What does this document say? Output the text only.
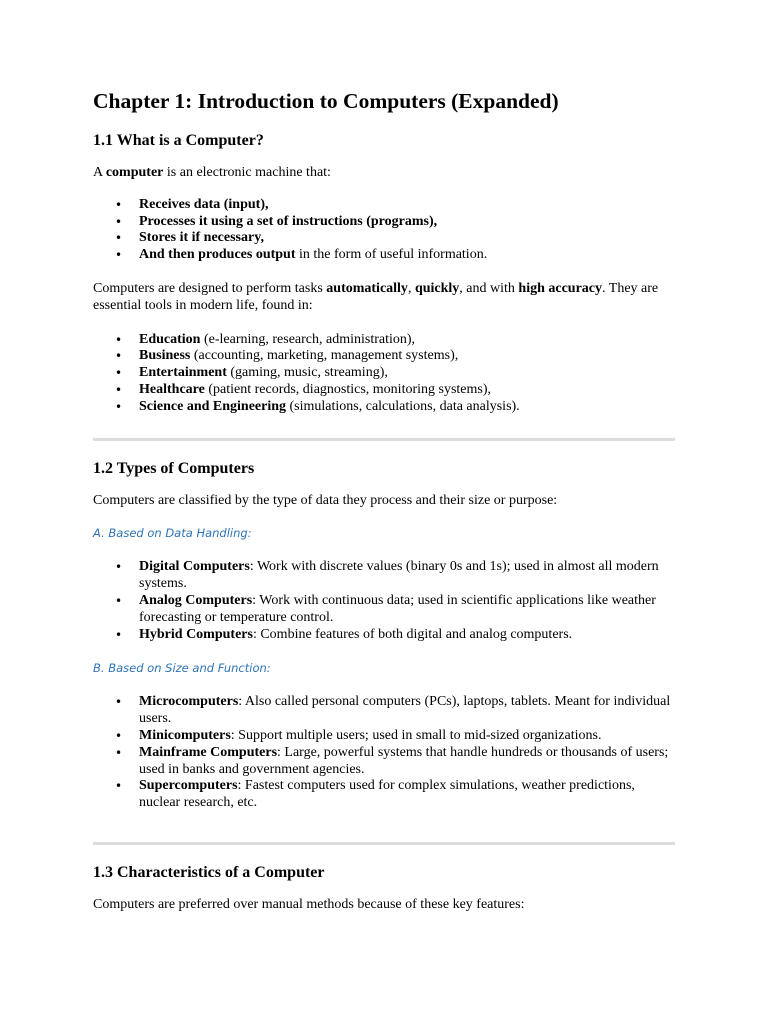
Chapter 1: Introduction to Computers (Expanded)
1.1 What is a Computer?

A computer is an electronic machine that:

• Receives data (input),
• Processes it using a set of instructions (programs),
• Stores it if necessary,
• And then produces output in the form of useful information.

Computers are designed to perform tasks automatically, quickly, and with high accuracy. They are essential tools in modern life, found in:

• Education (e-learning, research, administration),
• Business (accounting, marketing, management systems),
• Entertainment (gaming, music, streaming),
• Healthcare (patient records, diagnostics, monitoring systems),
• Science and Engineering (simulations, calculations, data analysis).
1.2 Types of Computers

Computers are classified by the type of data they process and their size or purpose:

A. Based on Data Handling:

• Digital Computers: Work with discrete values (binary 0s and 1s); used in almost all modern systems.
• Analog Computers: Work with continuous data; used in scientific applications like weather forecasting or temperature control.
• Hybrid Computers: Combine features of both digital and analog computers.

B. Based on Size and Function:

• Microcomputers: Also called personal computers (PCs), laptops, tablets. Meant for individual users.
• Minicomputers: Support multiple users; used in small to mid-sized organizations.
• Mainframe Computers: Large, powerful systems that handle hundreds or thousands of users; used in banks and government agencies.
• Supercomputers: Fastest computers used for complex simulations, weather predictions, nuclear research, etc.
1.3 Characteristics of a Computer

Computers are preferred over manual methods because of these key features:
